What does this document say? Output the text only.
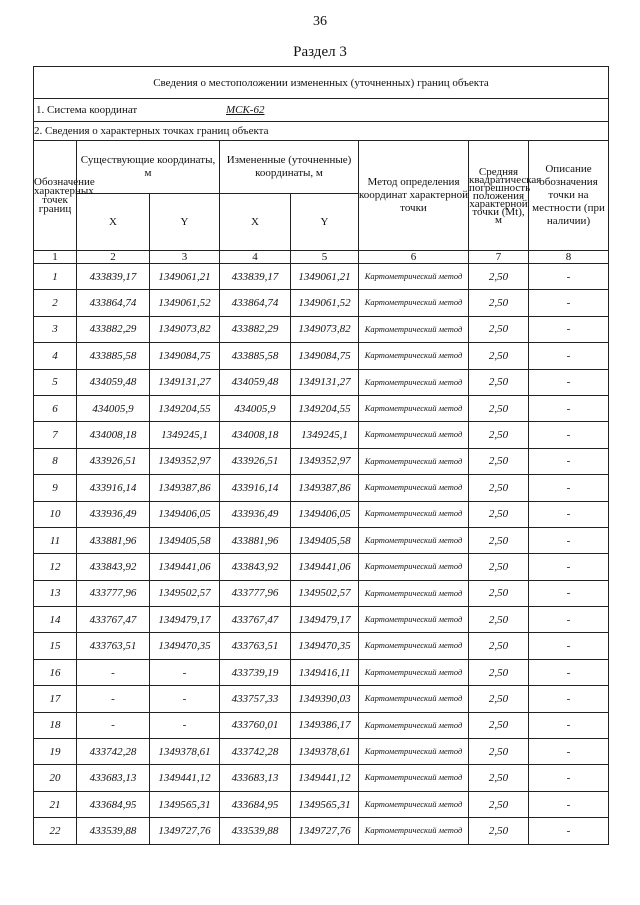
36
Раздел 3
Сведения о местоположении измененных (уточненных) границ объекта							
1. Система координат МСК-62							
2. Сведения о характерных точках границ объекта							
Обозначение характерных точек границ	Существующие координаты, м		Измененные (уточненные) координаты, м		Метод определения координат характерной точки	Средняя квадратическая погрешность положения характерной точки (Mt), м	Описание обозначения точки на местности (при наличии)
	X	Y	X	Y			
1	2	3	4	5	6	7	8
1	433839,17	1349061,21	433839,17	1349061,21	Картометрический метод	2,50	-
2	433864,74	1349061,52	433864,74	1349061,52	Картометрический метод	2,50	-
3	433882,29	1349073,82	433882,29	1349073,82	Картометрический метод	2,50	-
4	433885,58	1349084,75	433885,58	1349084,75	Картометрический метод	2,50	-
5	434059,48	1349131,27	434059,48	1349131,27	Картометрический метод	2,50	-
6	434005,9	1349204,55	434005,9	1349204,55	Картометрический метод	2,50	-
7	434008,18	1349245,1	434008,18	1349245,1	Картометрический метод	2,50	-
8	433926,51	1349352,97	433926,51	1349352,97	Картометрический метод	2,50	-
9	433916,14	1349387,86	433916,14	1349387,86	Картометрический метод	2,50	-
10	433936,49	1349406,05	433936,49	1349406,05	Картометрический метод	2,50	-
11	433881,96	1349405,58	433881,96	1349405,58	Картометрический метод	2,50	-
12	433843,92	1349441,06	433843,92	1349441,06	Картометрический метод	2,50	-
13	433777,96	1349502,57	433777,96	1349502,57	Картометрический метод	2,50	-
14	433767,47	1349479,17	433767,47	1349479,17	Картометрический метод	2,50	-
15	433763,51	1349470,35	433763,51	1349470,35	Картометрический метод	2,50	-
16	-	-	433739,19	1349416,11	Картометрический метод	2,50	-
17	-	-	433757,33	1349390,03	Картометрический метод	2,50	-
18	-	-	433760,01	1349386,17	Картометрический метод	2,50	-
19	433742,28	1349378,61	433742,28	1349378,61	Картометрический метод	2,50	-
20	433683,13	1349441,12	433683,13	1349441,12	Картометрический метод	2,50	-
21	433684,95	1349565,31	433684,95	1349565,31	Картометрический метод	2,50	-
22	433539,88	1349727,76	433539,88	1349727,76	Картометрический метод	2,50	-
